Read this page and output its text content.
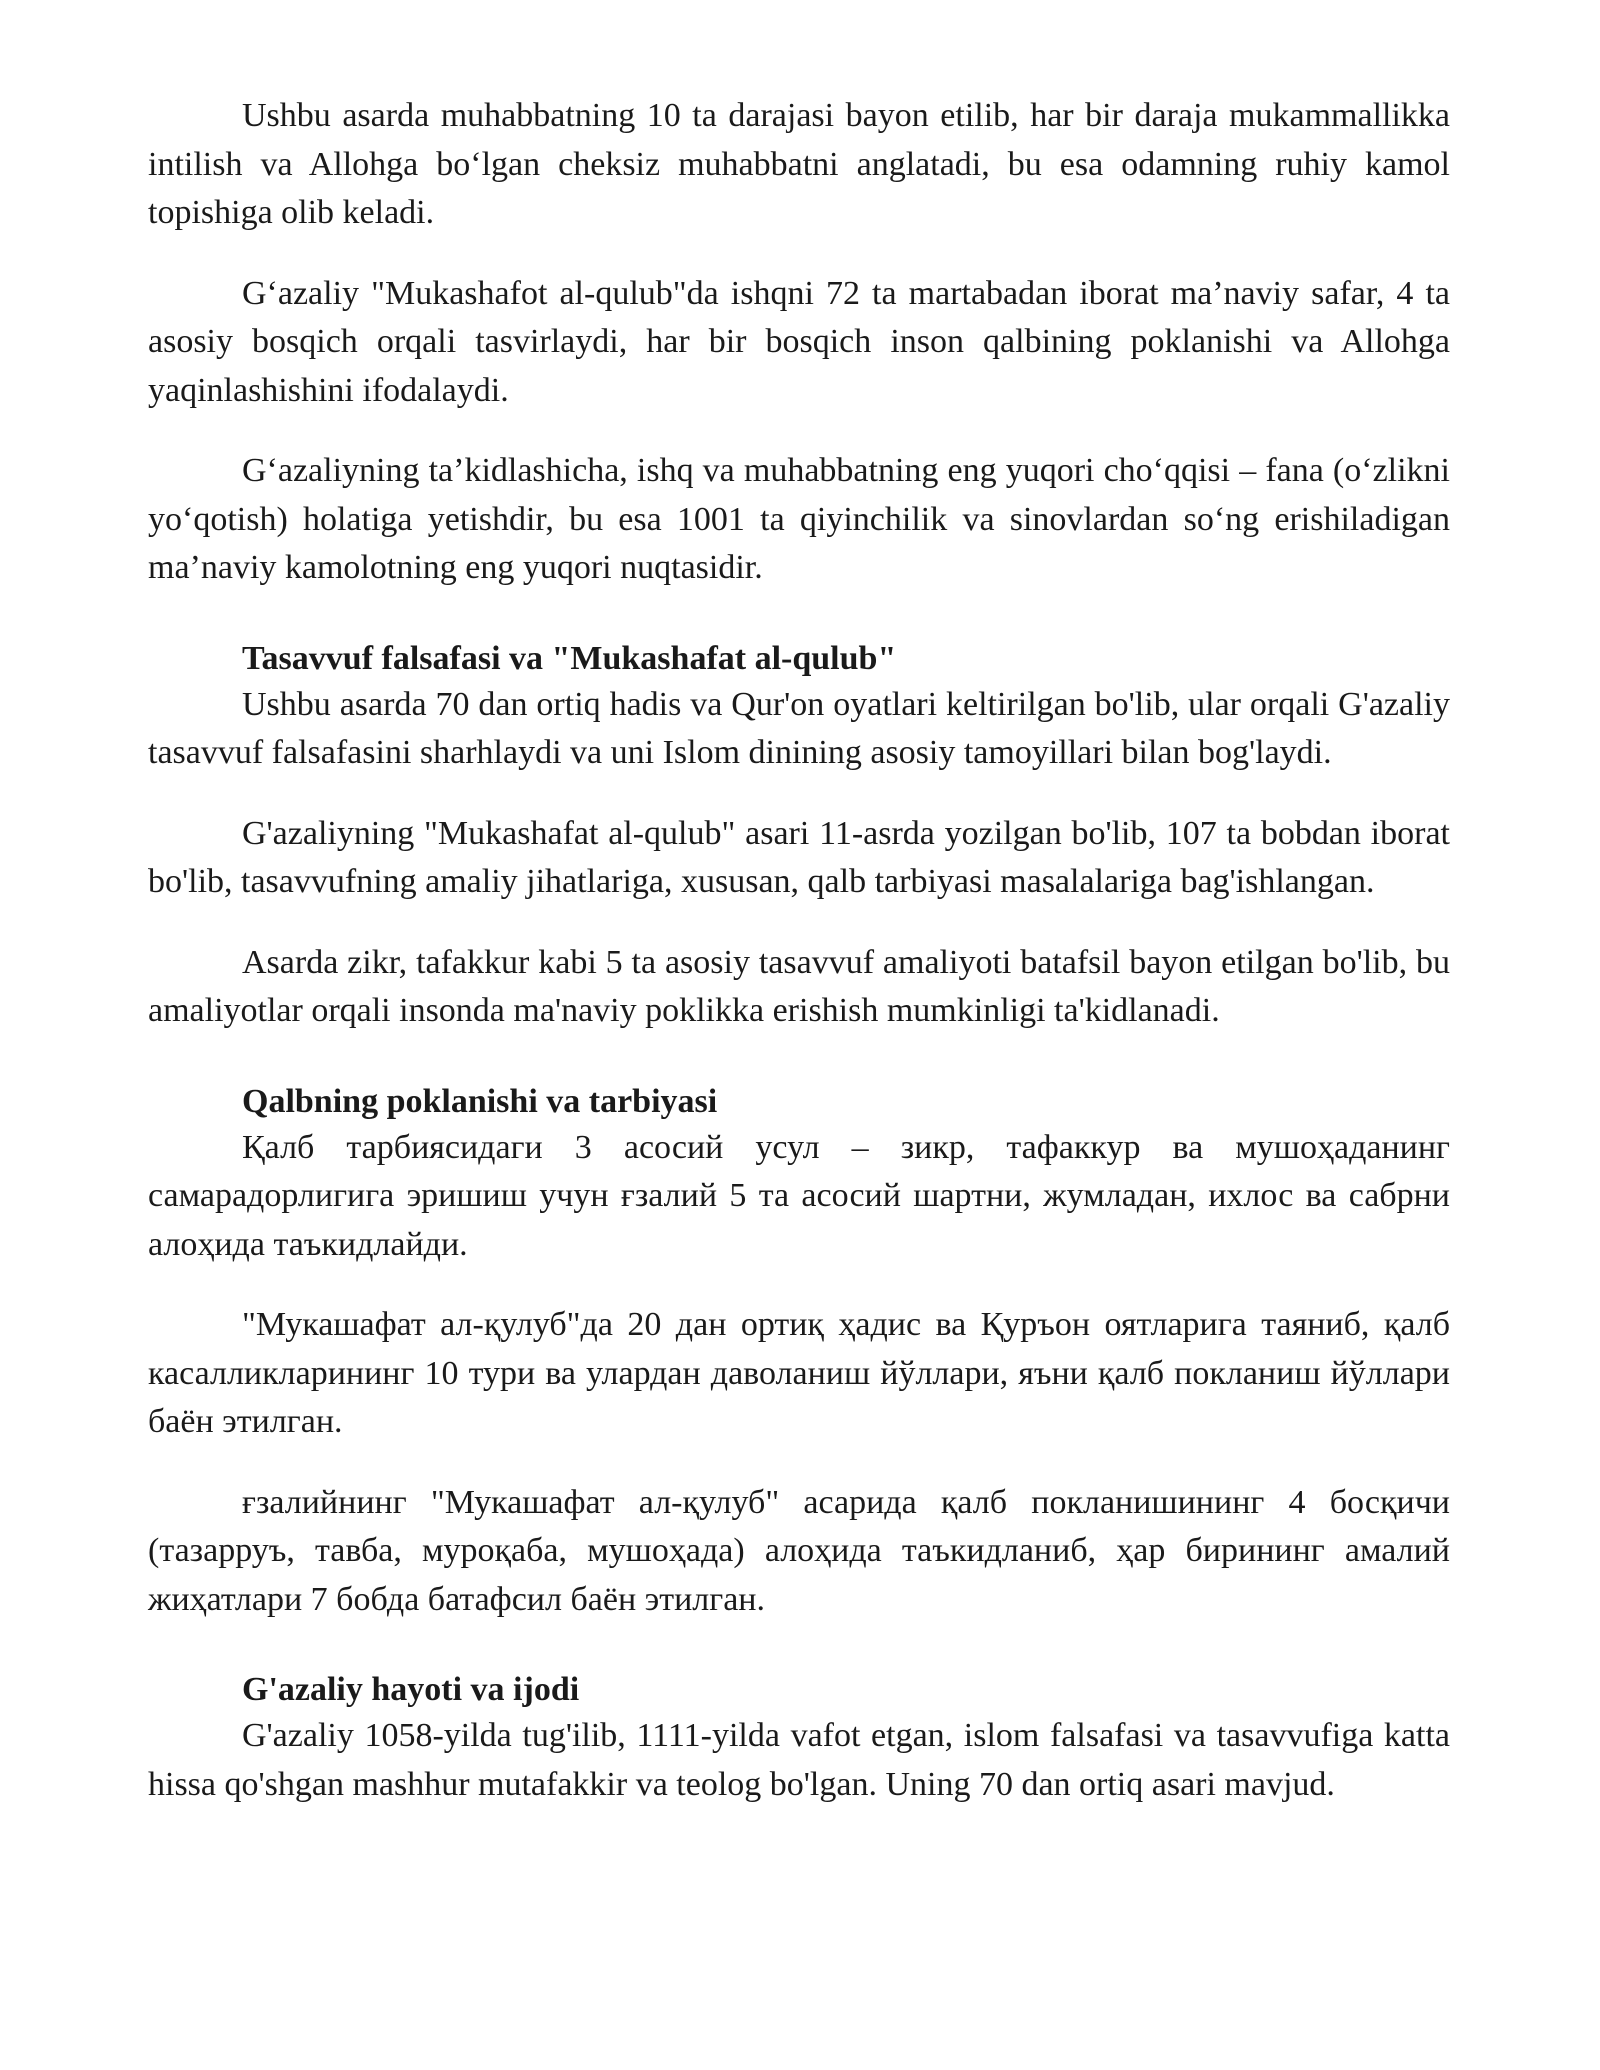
Ushbu asarda muhabbatning 10 ta darajasi bayon etilib, har bir daraja mukammallikka intilish va Allohga bo‘lgan cheksiz muhabbatni anglatadi, bu esa odamning ruhiy kamol topishiga olib keladi.

G‘azaliy "Mukashafot al-qulub"da ishqni 72 ta martabadan iborat ma’naviy safar, 4 ta asosiy bosqich orqali tasvirlaydi, har bir bosqich inson qalbining poklanishi va Allohga yaqinlashishini ifodalaydi.

G‘azaliyning ta’kidlashicha, ishq va muhabbatning eng yuqori cho‘qqisi – fana (o‘zlikni yo‘qotish) holatiga yetishdir, bu esa 1001 ta qiyinchilik va sinovlardan so‘ng erishiladigan ma’naviy kamolotning eng yuqori nuqtasidir.

Tasavvuf falsafasi va "Mukashafat al-qulub"

Ushbu asarda 70 dan ortiq hadis va Qur'on oyatlari keltirilgan bo'lib, ular orqali G'azaliy tasavvuf falsafasini sharhlaydi va uni Islom dinining asosiy tamoyillari bilan bog'laydi.

G'azaliyning "Mukashafat al-qulub" asari 11-asrda yozilgan bo'lib, 107 ta bobdan iborat bo'lib, tasavvufning amaliy jihatlariga, xususan, qalb tarbiyasi masalalariga bag'ishlangan.

Asarda zikr, tafakkur kabi 5 ta asosiy tasavvuf amaliyoti batafsil bayon etilgan bo'lib, bu amaliyotlar orqali insonda ma'naviy poklikka erishish mumkinligi ta'kidlanadi.

Qalbning poklanishi va tarbiyasi

Қалб тарбиясидаги 3 асосий усул – зикр, тафаккур ва мушоҳаданинг самарадорлигига эришиш учун ғзалий 5 та асосий шартни, жумладан, ихлос ва сабрни алоҳида таъкидлайди.

"Мукашафат ал-қулуб"да 20 дан ортиқ ҳадис ва Қуръон оятларига таяниб, қалб касалликларининг 10 тури ва улардан даволаниш йўллари, яъни қалб покланиш йўллари баён этилган.

ғзалийнинг "Мукашафат ал-қулуб" асарида қалб покланишининг 4 босқичи (тазарруъ, тавба, муроқаба, мушоҳада) алоҳида таъкидланиб, ҳар бирининг амалий жиҳатлари 7 бобда батафсил баён этилган.

G'azaliy hayoti va ijodi

G'azaliy 1058-yilda tug'ilib, 1111-yilda vafot etgan, islom falsafasi va tasavvufiga katta hissa qo'shgan mashhur mutafakkir va teolog bo'lgan. Uning 70 dan ortiq asari mavjud.
